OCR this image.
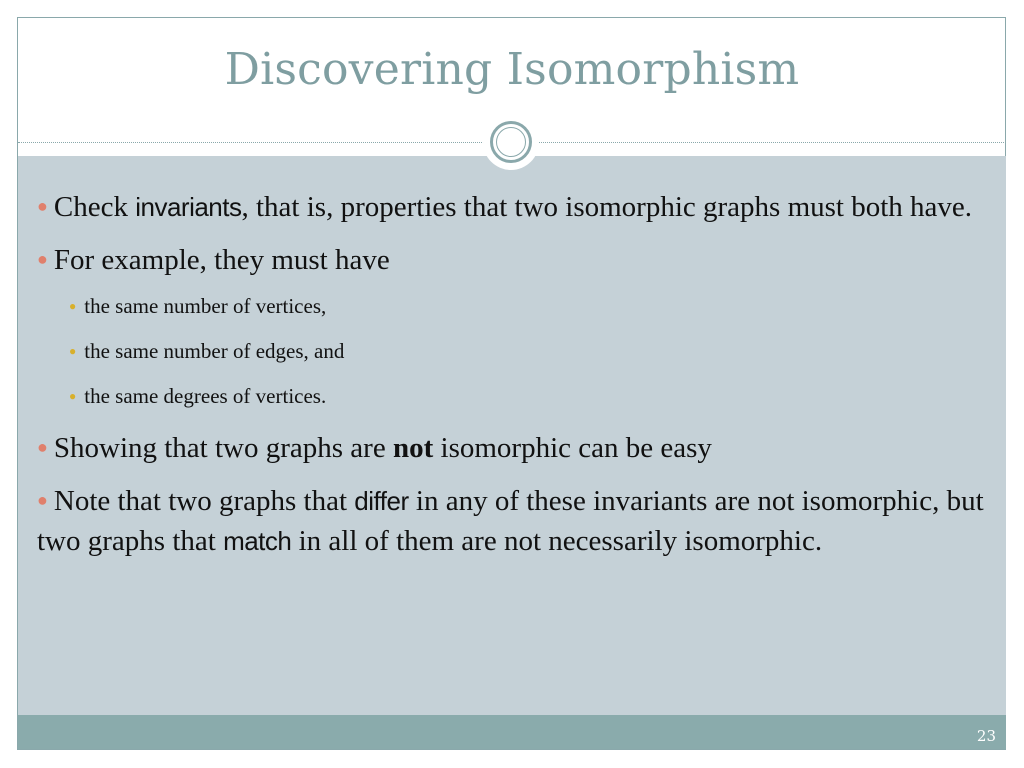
Discovering Isomorphism
● Check invariants, that is, properties that two isomorphic graphs must both have.
● For example, they must have
● the same number of vertices,
● the same number of edges, and
● the same degrees of vertices.
● Showing that two graphs are not isomorphic can be easy
● Note that two graphs that differ in any of these invariants are not isomorphic, but two graphs that match in all of them are not necessarily isomorphic.
23
